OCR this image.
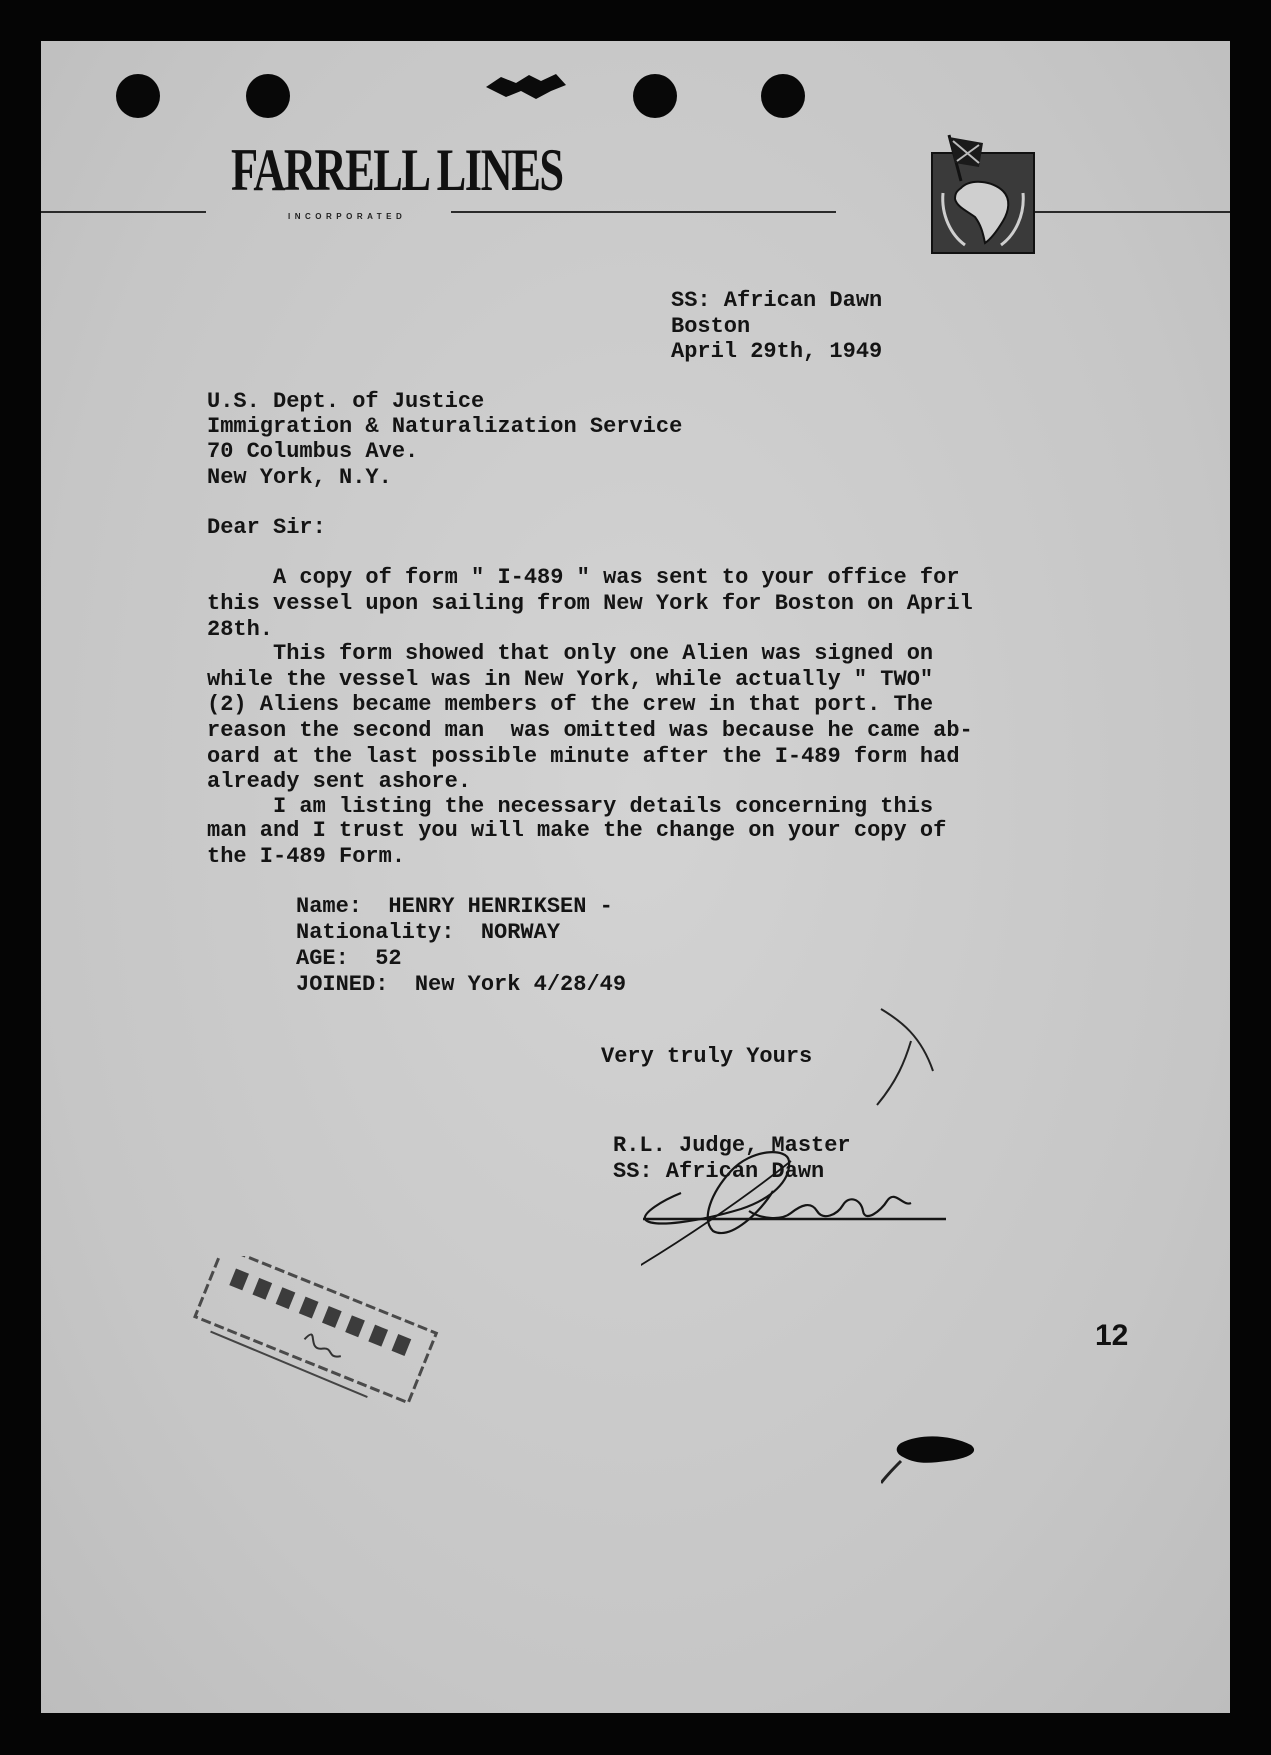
FARRELL LINES
INCORPORATED
SS: African Dawn
Boston
April 29th, 1949
U.S. Dept. of Justice
Immigration & Naturalization Service
70 Columbus Ave.
New York, N.Y.
Dear Sir:
A copy of form " I-489 " was sent to your office for
this vessel upon sailing from New York for Boston on April
28th.
This form showed that only one Alien was signed on
while the vessel was in New York, while actually " TWO"
(2) Aliens became members of the crew in that port. The
reason the second man  was omitted was because he came ab-
oard at the last possible minute after the I-489 form had
already sent ashore.
I am listing the necessary details concerning this
man and I trust you will make the change on your copy of
the I-489 Form.
Name:  HENRY HENRIKSEN -
Nationality:  NORWAY
AGE:  52
JOINED:  New York 4/28/49
Very truly Yours
R.L. Judge, Master
SS: African Dawn
12
